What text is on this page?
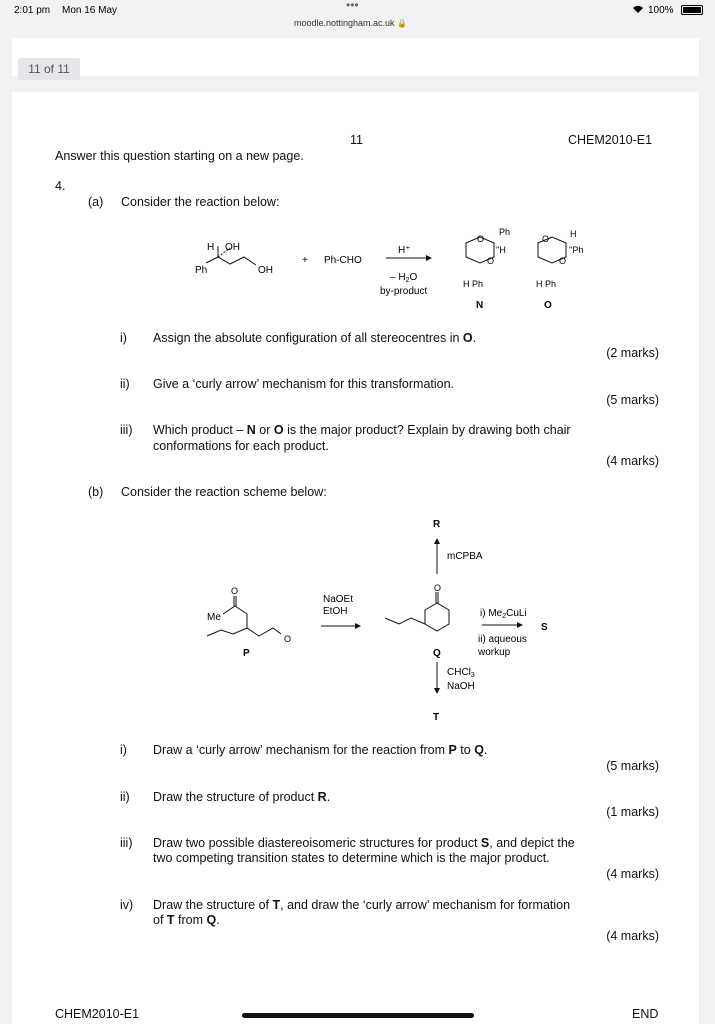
2:01 pm Mon 16 May	•••
moodle.nottingham.ac.uk 🔒
100%
11 of 11
11	CHEM2010-E1
Answer this question starting on a new page.
4.
(a) Consider the reaction below:
H OH
Ph	OH
+ Ph-CHO
H⁺
– $H_2O$
by-product
O
O
Ph
''H
H Ph
N
O
O
H
''Ph
H Ph
O
i) Assign the absolute configuration of all stereocentres in O.
(2 marks)
ii) Give a ‘curly arrow’ mechanism for this transformation.
(5 marks)
iii) Which product – N or O is the major product? Explain by drawing both chair
conformations for each product.
(4 marks)
(b) Consider the reaction scheme below:
R
mCPBA
O
Me
O
P
NaOEt
EtOH
O
Q
i) $Me_2CuLi$
ii) aqueous
workup
S
CHCl$_3$
NaOH
T
i) Draw a ‘curly arrow’ mechanism for the reaction from P to Q.
(5 marks)
ii) Draw the structure of product R.
(1 marks)
iii) Draw two possible diastereoisomeric structures for product S, and depict the
two competing transition states to determine which is the major product.
(4 marks)
iv) Draw the structure of T, and draw the ‘curly arrow’ mechanism for formation
of T from Q.
(4 marks)
CHEM2010-E1	END
